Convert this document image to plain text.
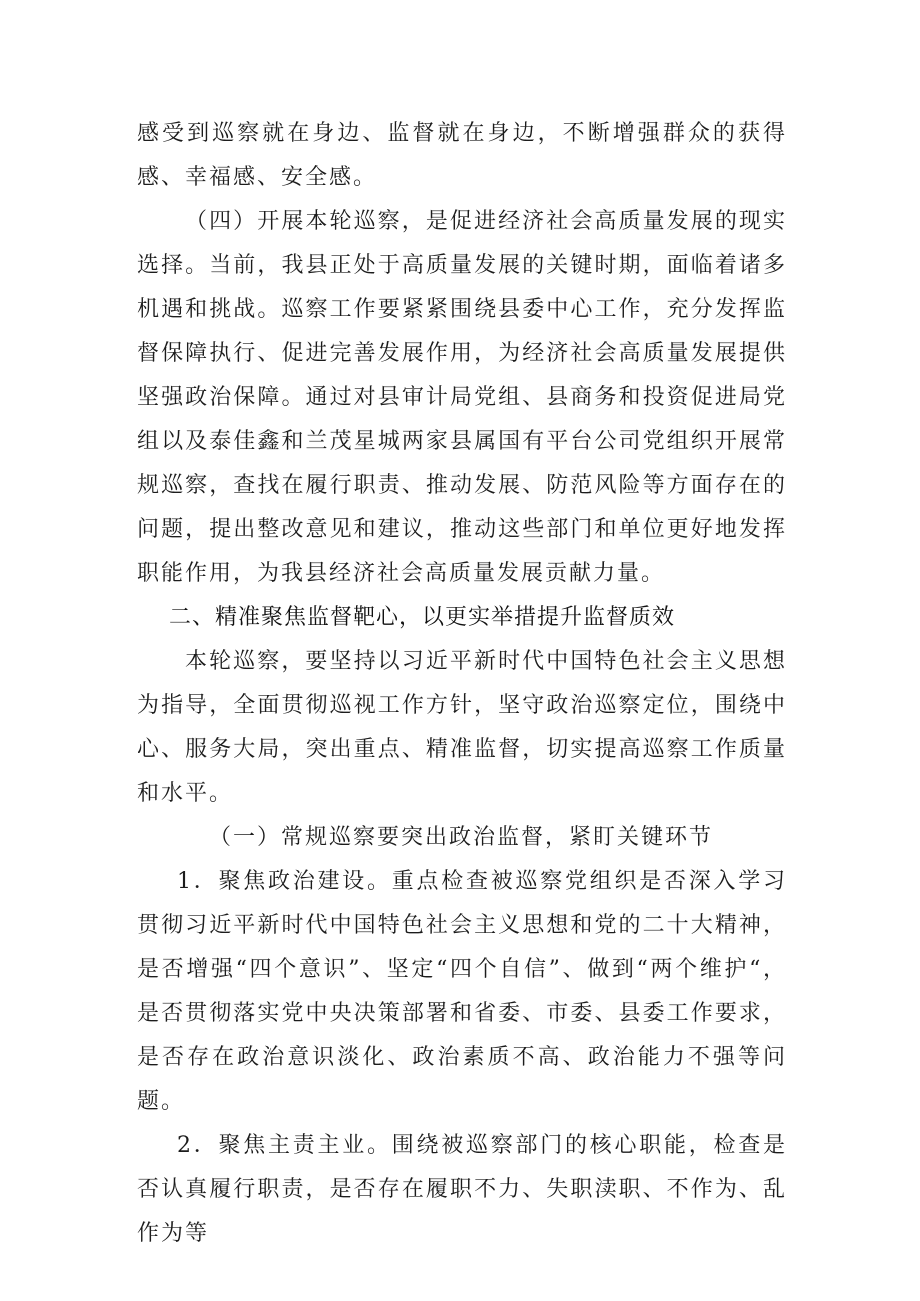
感受到巡察就在身边、监督就在身边，不断增强群众的获得感、幸福感、安全感。

（四）开展本轮巡察，是促进经济社会高质量发展的现实选择。当前，我县正处于高质量发展的关键时期，面临着诸多机遇和挑战。巡察工作要紧紧围绕县委中心工作，充分发挥监督保障执行、促进完善发展作用，为经济社会高质量发展提供坚强政治保障。通过对县审计局党组、县商务和投资促进局党组以及泰佳鑫和兰茂星城两家县属国有平台公司党组织开展常规巡察，查找在履行职责、推动发展、防范风险等方面存在的问题，提出整改意见和建议，推动这些部门和单位更好地发挥职能作用，为我县经济社会高质量发展贡献力量。

二、精准聚焦监督靶心，以更实举措提升监督质效

本轮巡察，要坚持以习近平新时代中国特色社会主义思想为指导，全面贯彻巡视工作方针，坚守政治巡察定位，围绕中心、服务大局，突出重点、精准监督，切实提高巡察工作质量和水平。

（一）常规巡察要突出政治监督，紧盯关键环节

1．聚焦政治建设。重点检查被巡察党组织是否深入学习贯彻习近平新时代中国特色社会主义思想和党的二十大精神，是否增强“四个意识”、坚定“四个自信”、做到“两个维护“，是否贯彻落实党中央决策部署和省委、市委、县委工作要求，是否存在政治意识淡化、政治素质不高、政治能力不强等问题。

2．聚焦主责主业。围绕被巡察部门的核心职能，检查是否认真履行职责，是否存在履职不力、失职渎职、不作为、乱作为等
